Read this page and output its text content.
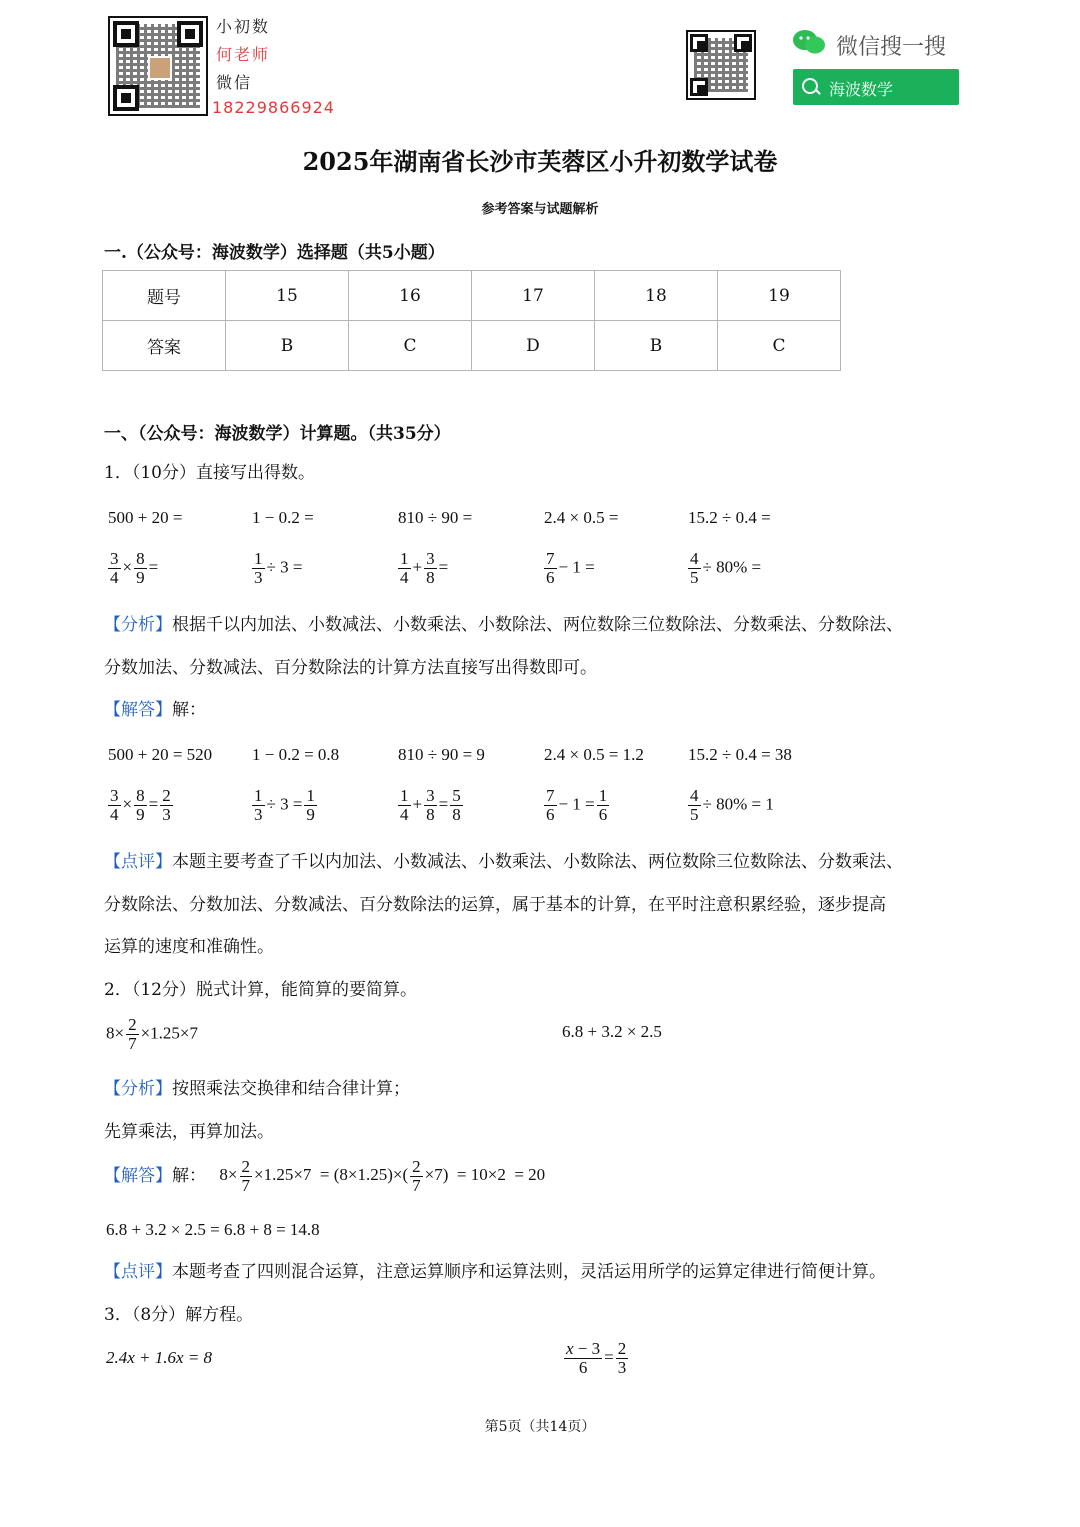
小初数
何老师
微信
18229866924
微信搜一搜
海波数学
2025年湖南省长沙市芙蓉区小升初数学试卷
参考答案与试题解析
一.（公众号：海波数学）选择题（共5小题）
题号	15	16	17	18	19
答案	B	C	D	B	C
一、（公众号：海波数学）计算题。（共35分）
1．（10分）直接写出得数。
500 + 20 =	1 − 0.2 =	810 ÷ 90 =	2.4 × 0.5 =	15.2 ÷ 0.4 =
$\frac{3}{4} \times \frac{8}{9}$ =	$\frac{1}{3} \div 3$ =	$\frac{1}{4} + \frac{3}{8}$ =	$\frac{7}{6} - 1$ =	$\frac{4}{5} \div 80\%$ =
【分析】根据千以内加法、小数减法、小数乘法、小数除法、两位数除三位数除法、分数乘法、分数除法、
分数加法、分数减法、百分数除法的计算方法直接写出得数即可。
【解答】解：
500 + 20 = 520 1 − 0.2 = 0.8	810 ÷ 90 = 9	2.4 × 0.5 = 1.2	15.2 ÷ 0.4 = 38
$\frac{3}{4} \times \frac{8}{9} = \frac{2}{3}$	$\frac{1}{3} \div 3 = \frac{1}{9}$	$\frac{1}{4} + \frac{3}{8} = \frac{5}{8}$	$\frac{7}{6} - 1 = \frac{1}{6}$	$\frac{4}{5} \div 80\% = 1$
【点评】本题主要考查了千以内加法、小数减法、小数乘法、小数除法、两位数除三位数除法、分数乘法、
分数除法、分数加法、分数减法、百分数除法的运算，属于基本的计算，在平时注意积累经验，逐步提高
运算的速度和准确性。
2．（12分）脱式计算，能简算的要简算。
$8\times \frac{2}{7} \times 1.25\times 7$	6.8 + 3.2 × 2.5
【分析】按照乘法交换律和结合律计算；
先算乘法，再算加法。
【解答】解： $8\times \frac{2}{7} \times 1.25\times 7 = (8\times 1.25)\times( \frac{2}{7} \times 7) = 10\times 2 = 20$
6.8 + 3.2 × 2.5 = 6.8 + 8 = 14.8
【点评】本题考查了四则混合运算，注意运算顺序和运算法则，灵活运用所学的运算定律进行简便计算。
3．（8分）解方程。
2.4x + 1.6x = 8	$\frac{x - 3}{6} = \frac{2}{3}$
第5页（共14页）
